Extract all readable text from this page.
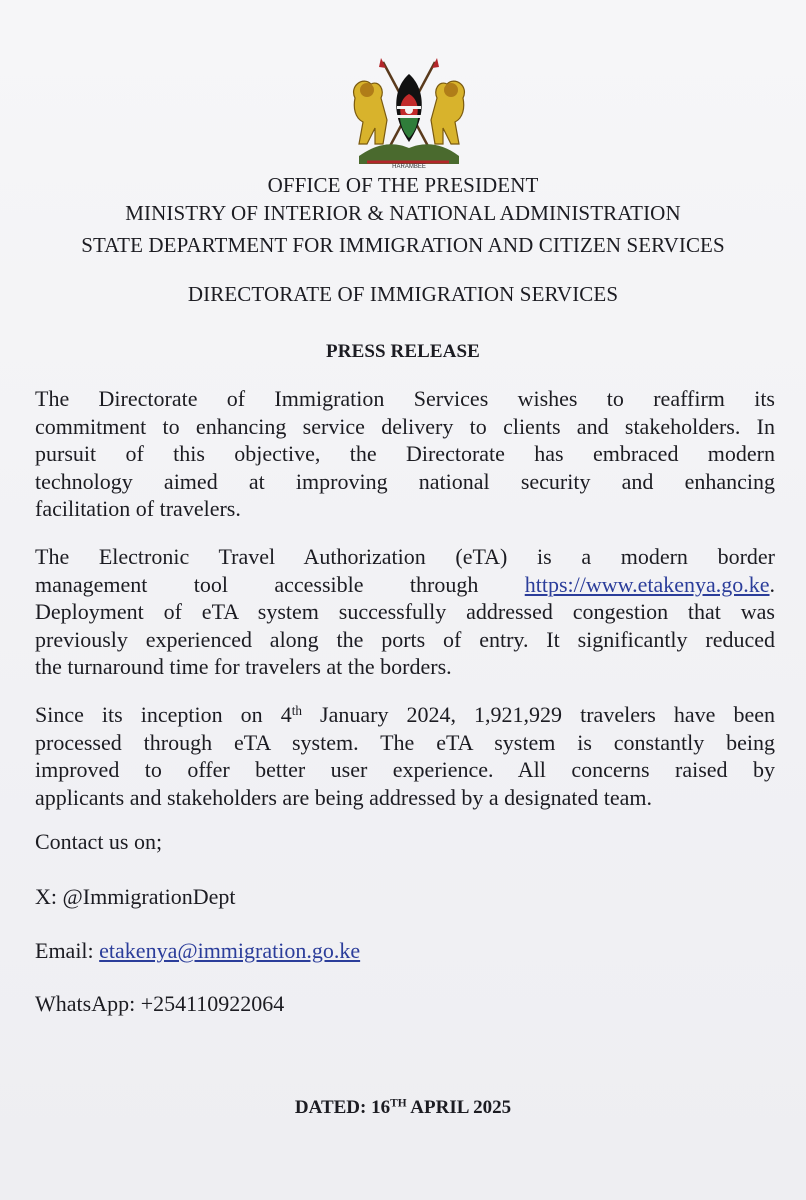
HARAMBEE
OFFICE OF THE PRESIDENT
MINISTRY OF INTERIOR & NATIONAL ADMINISTRATION
STATE DEPARTMENT FOR IMMIGRATION AND CITIZEN SERVICES
DIRECTORATE OF IMMIGRATION SERVICES
PRESS RELEASE
The Directorate of Immigration Services wishes to reaffirm its
commitment to enhancing service delivery to clients and stakeholders. In
pursuit of this objective, the Directorate has embraced modern
technology aimed at improving national security and enhancing
facilitation of travelers.
The Electronic Travel Authorization (eTA) is a modern border
management tool accessible through https://www.etakenya.go.ke.
Deployment of eTA system successfully addressed congestion that was
previously experienced along the ports of entry. It significantly reduced
the turnaround time for travelers at the borders.
Since its inception on 4th January 2024, 1,921,929 travelers have been
processed through eTA system. The eTA system is constantly being
improved to offer better user experience. All concerns raised by
applicants and stakeholders are being addressed by a designated team.
Contact us on;
X: @ImmigrationDept
Email: etakenya@immigration.go.ke
WhatsApp: +254110922064
DATED: 16TH APRIL 2025
